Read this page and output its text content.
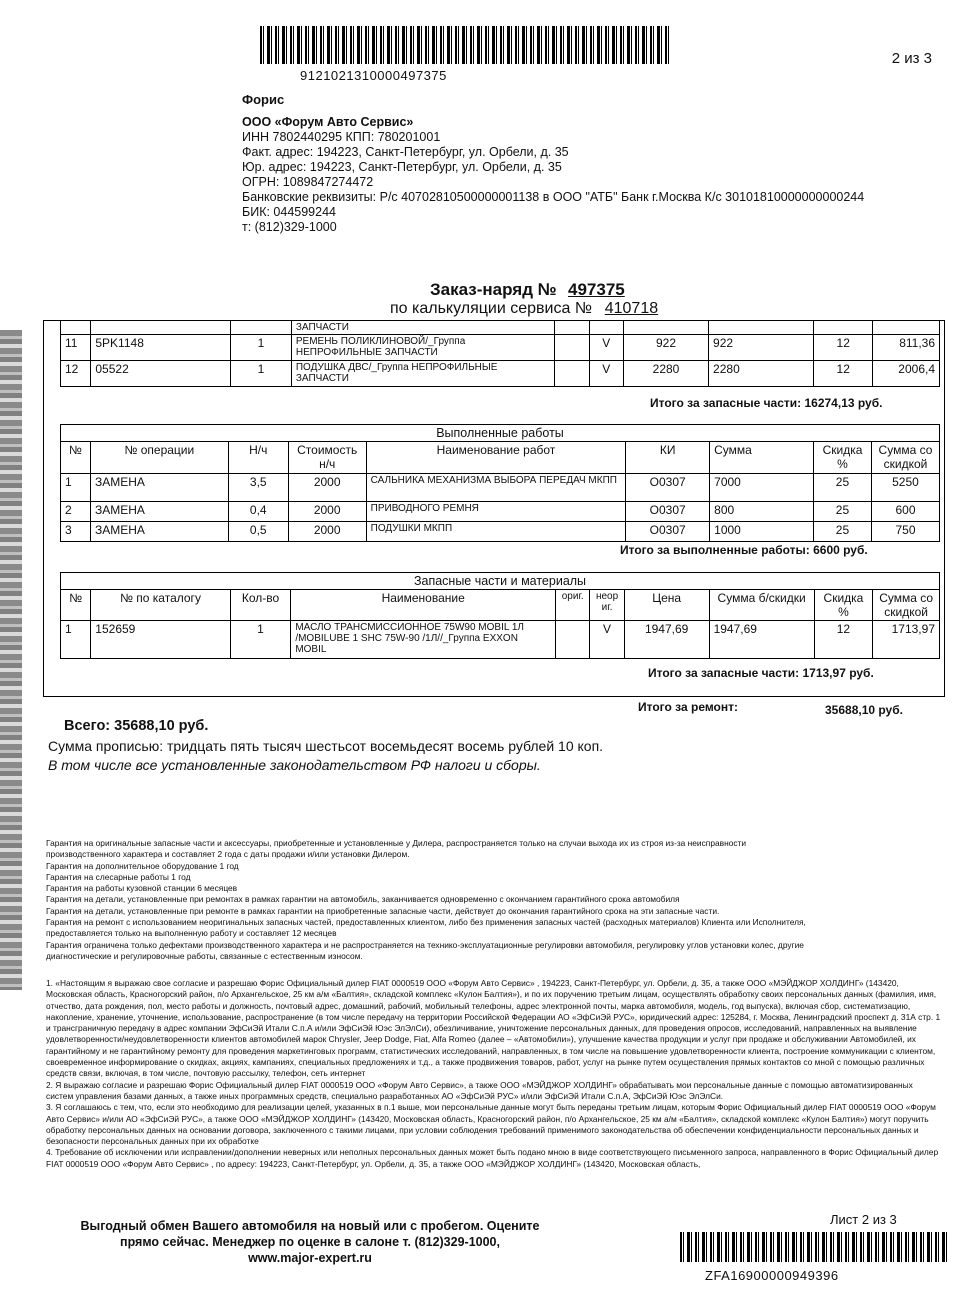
9121021310000497375
2 из 3
Форис
ООО «Форум Авто Сервис»
ИНН 7802440295 КПП: 780201001
Факт. адрес: 194223, Санкт-Петербург, ул. Орбели, д. 35
Юр. адрес: 194223, Санкт-Петербург, ул. Орбели, д. 35
ОГРН: 1089847274472
Банковские реквизиты: Р/с 40702810500000001138 в ООО "АТБ" Банк г.Москва К/с 30101810000000000244
БИК: 044599244
т: (812)329-1000
Заказ-наряд № 497375
по калькуляции сервиса № 410718
			ЗАПЧАСТИ						
11	5PK1148	1	РЕМЕНЬ ПОЛИКЛИНОВОЙ/_Группа НЕПРОФИЛЬНЫЕ ЗАПЧАСТИ		V	922	922	12	811,36
12	05522	1	ПОДУШКА ДВС/_Группа НЕПРОФИЛЬНЫЕ ЗАПЧАСТИ		V	2280	2280	12	2006,4
Итого за запасные части: 16274,13 руб.
Выполненные работы								
№	№ операции	Н/ч	Стоимость н/ч	Наименование работ	КИ	Сумма	Скидка %	Сумма со скидкой
1	ЗАМЕНА	3,5	2000	САЛЬНИКА МЕХАНИЗМА ВЫБОРА ПЕРЕДАЧ МКПП	О0307	7000	25	5250
2	ЗАМЕНА	0,4	2000	ПРИВОДНОГО РЕМНЯ	О0307	800	25	600
3	ЗАМЕНА	0,5	2000	ПОДУШКИ МКПП	О0307	1000	25	750
Итого за выполненные работы: 6600 руб.
Запасные части и материалы									
№	№ по каталогу	Кол-во	Наименование	ориг.	неор иг.	Цена	Сумма б/скидки	Скидка %	Сумма со скидкой
1	152659	1	МАСЛО ТРАНСМИССИОННОЕ 75W90 MOBIL 1Л /MOBILUBE 1 SHC 75W-90 /1Л//_Группа EXXON MOBIL		V	1947,69	1947,69	12	1713,97
Итого за запасные части: 1713,97 руб.
Итого за ремонт:	35688,10 руб.
Всего: 35688,10 руб.
Сумма прописью: тридцать пять тысяч шестьсот восемьдесят восемь рублей 10 коп.
В том числе все установленные законодательством РФ налоги и сборы.
Гарантия на оригинальные запасные части и аксессуары, приобретенные и установленные у Дилера, распространяется только на случаи выхода их из строя из-за неисправности
производственного характера и составляет 2 года с даты продажи и/или установки Дилером.
Гарантия на дополнительное оборудование 1 год
Гарантия на слесарные работы 1 год
Гарантия на работы кузовной станции 6 месяцев
Гарантия на детали, установленные при ремонтах в рамках гарантии на автомобиль, заканчивается одновременно с окончанием гарантийного срока автомобиля
Гарантия на детали, установленные при ремонте в рамках гарантии на приобретенные запасные части, действует до окончания гарантийного срока на эти запасные части.
Гарантия на ремонт с использованием неоригинальных запасных частей, предоставленных клиентом, либо без применения запасных частей (расходных материалов) Клиента или Исполнителя,
предоставляется только на выполненную работу и составляет 12 месяцев
Гарантия ограничена только дефектами производственного характера и не распространяется на технико-эксплуатационные регулировки автомобиля, регулировку углов установки колес, другие
диагностические и регулировочные работы, связанные с естественным износом.

1. «Настоящим я выражаю свое согласие и разрешаю Форис Официальный дилер FIAT 0000519 ООО «Форум Авто Сервис» , 194223, Санкт-Петербург, ул. Орбели, д. 35, а также ООО «МЭЙДЖОР ХОЛДИНГ» (143420, Московская область, Красногорский район, п/о Архангельское, 25 км а/м «Балтия», складской комплекс «Кулон Балтия»), и по их поручению третьим лицам, осуществлять обработку своих персональных данных (фамилия, имя, отчество, дата рождения, пол, место работы и должность, почтовый адрес, домашний, рабочий, мобильный телефоны, адрес электронной почты, марка автомобиля, модель, год выпуска), включая сбор, систематизацию, накопление, хранение, уточнение, использование, распространение (в том числе передачу на территории Российской Федерации АО «ЭфСиЭй РУС», юридический адрес: 125284, г. Москва, Ленинградский проспект д. 31А стр. 1 и трансграничную передачу в адрес компании ЭфСиЭй Итали С.п.А и/или ЭфСиЭй Юэс ЭлЭлСи), обезличивание, уничтожение персональных данных, для проведения опросов, исследований, направленных на выявление удовлетворенности/неудовлетворенности клиентов автомобилей марок Chrysler, Jeep Dodge, Fiat, Alfa Romeo (далее – «Автомобили»), улучшение качества продукции и услуг при продаже и обслуживании Автомобилей, их гарантийному и не гарантийному ремонту для проведения маркетинговых программ, статистических исследований, направленных, в том числе на повышение удовлетворенности клиента, построение коммуникации с клиентом, своевременное информирование о скидках, акциях, кампаниях, специальных предложениях и т.д., а также продвижения товаров, работ, услуг на рынке путем осуществления прямых контактов со мной с помощью различных средств связи, включая, в том числе, почтовую рассылку, телефон, сеть интернет

2. Я выражаю согласие и разрешаю Форис Официальный дилер FIAT 0000519 ООО «Форум Авто Сервис», а также ООО «МЭЙДЖОР ХОЛДИНГ» обрабатывать мои персональные данные с помощью автоматизированных систем управления базами данных, а также иных программных средств, специально разработанных АО «ЭфСиЭй РУС» и/или ЭфСиЭй Итали С.п.А, ЭфСиЭй Юэс ЭлЭлСи.

3. Я соглашаюсь с тем, что, если это необходимо для реализации целей, указанных в п.1 выше, мои персональные данные могут быть переданы третьим лицам, которым Форис Официальный дилер FIAT 0000519 ООО «Форум Авто Сервис» и/или АО «ЭфСиЭй РУС», а также ООО «МЭЙДЖОР ХОЛДИНГ» (143420, Московская область, Красногорский район, п/о Архангельское, 25 км а/м «Балтия», складской комплекс «Кулон Балтия») могут поручить обработку персональных данных на основании договора, заключенного с такими лицами, при условии соблюдения требований применимого законодательства об обеспечении конфиденциальности персональных данных и безопасности персональных данных при их обработке

4. Требование об исключении или исправлении/дополнении неверных или неполных персональных данных может быть подано мною в виде соответствующего письменного запроса, направленного в Форис Официальный дилер FIAT 0000519 ООО «Форум Авто Сервис» , по адресу: 194223, Санкт-Петербург, ул. Орбели, д. 35, а также ООО «МЭЙДЖОР ХОЛДИНГ» (143420, Московская область,

Выгодный обмен Вашего автомобиля на новый или с пробегом. Оцените
прямо сейчас. Менеджер по оценке в салоне т. (812)329-1000,
www.major-expert.ru
Лист 2 из 3
ZFA16900000949396
